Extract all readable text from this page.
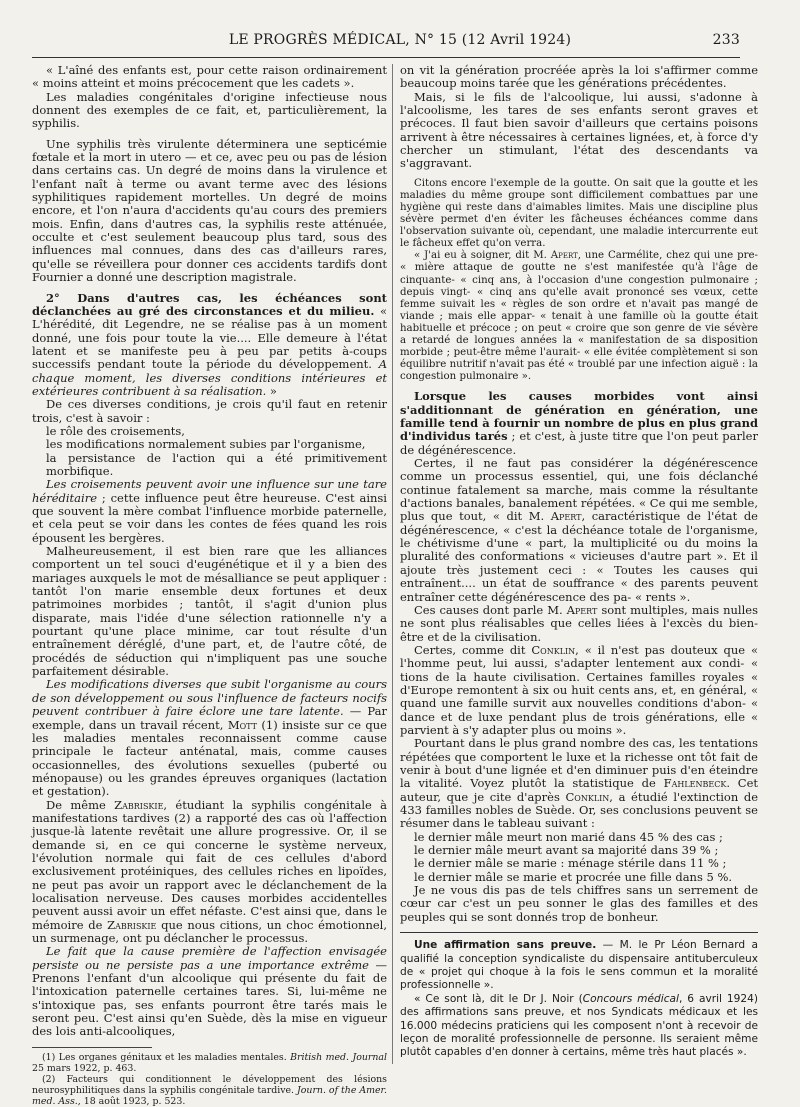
LE PROGRÈS MÉDICAL, N° 15 (12 Avril 1924)	233

« L'aîné des enfants est, pour cette raison ordinairement « moins atteint et moins précocement que les cadets ».

Les maladies congénitales d'origine infectieuse nous donnent des exemples de ce fait, et, particulièrement, la syphilis.

Une syphilis très virulente déterminera une septicémie fœtale et la mort in utero — et ce, avec peu ou pas de lésion dans certains cas. Un degré de moins dans la virulence et l'enfant naît à terme ou avant terme avec des lésions syphilitiques rapidement mortelles. Un degré de moins encore, et l'on n'aura d'accidents qu'au cours des premiers mois. Enfin, dans d'autres cas, la syphilis reste atténuée, occulte et c'est seulement beaucoup plus tard, sous des influences mal connues, dans des cas d'ailleurs rares, qu'elle se réveillera pour donner ces accidents tardifs dont Fournier a donné une description magistrale.

2° Dans d'autres cas, les échéances sont déclanchées au gré des circonstances et du milieu. « L'hérédité, dit Legendre, ne se réalise pas à un moment donné, une fois pour toute la vie.... Elle demeure à l'état latent et se manifeste peu à peu par petits à-coups successifs pendant toute la période du développement. A chaque moment, les diverses conditions intérieures et extérieures contribuent à sa réalisation. »

De ces diverses conditions, je crois qu'il faut en retenir trois, c'est à savoir :

le rôle des croisements,

les modifications normalement subies par l'organisme,

la persistance de l'action qui a été primitivement morbifique.

Les croisements peuvent avoir une influence sur une tare héréditaire ; cette influence peut être heureuse. C'est ainsi que souvent la mère combat l'influence morbide paternelle, et cela peut se voir dans les contes de fées quand les rois épousent les bergères.

Malheureusement, il est bien rare que les alliances comportent un tel souci d'eugénétique et il y a bien des mariages auxquels le mot de mésalliance se peut appliquer : tantôt l'on marie ensemble deux fortunes et deux patrimoines morbides ; tantôt, il s'agit d'union plus disparate, mais l'idée d'une sélection rationnelle n'y a pourtant qu'une place minime, car tout résulte d'un entraînement déréglé, d'une part, et, de l'autre côté, de procédés de séduction qui n'impliquent pas une souche parfaitement désirable.

Les modifications diverses que subit l'organisme au cours de son développement ou sous l'influence de facteurs nocifs peuvent contribuer à faire éclore une tare latente. — Par exemple, dans un travail récent, Mott (1) insiste sur ce que les maladies mentales reconnaissent comme cause principale le facteur anténatal, mais, comme causes occasionnelles, des évolutions sexuelles (puberté ou ménopause) ou les grandes épreuves organiques (lactation et gestation).

De même Zabriskie, étudiant la syphilis congénitale à manifestations tardives (2) a rapporté des cas où l'affection jusque-là latente revêtait une allure progressive. Or, il se demande si, en ce qui concerne le système nerveux, l'évolution normale qui fait de ces cellules d'abord exclusivement protéiniques, des cellules riches en lipoïdes, ne peut pas avoir un rapport avec le déclanchement de la localisation nerveuse. Des causes morbides accidentelles peuvent aussi avoir un effet néfaste. C'est ainsi que, dans le mémoire de Zabriskie que nous citions, un choc émotionnel, un surmenage, ont pu déclancher le processus.

Le fait que la cause première de l'affection envisagée persiste ou ne persiste pas a une importance extrême — Prenons l'enfant d'un alcoolique qui présente du fait de l'intoxication paternelle certaines tares. Si, lui-même ne s'intoxique pas, ses enfants pourront être tarés mais le seront peu. C'est ainsi qu'en Suède, dès la mise en vigueur des lois anti-alcooliques,

(1) Les organes génitaux et les maladies mentales. British med. Journal 25 mars 1922, p. 463.

(2) Facteurs qui conditionnent le développement des lésions neurosyphilitiques dans la syphilis congénitale tardive. Journ. of the Amer. med. Ass., 18 août 1923, p. 523.

on vit la génération procréée après la loi s'affirmer comme beaucoup moins tarée que les générations précédentes.

Mais, si le fils de l'alcoolique, lui aussi, s'adonne à l'alcoolisme, les tares de ses enfants seront graves et précoces. Il faut bien savoir d'ailleurs que certains poisons arrivent à être nécessaires à certaines lignées, et, à force d'y chercher un stimulant, l'état des descendants va s'aggravant.

Citons encore l'exemple de la goutte. On sait que la goutte et les maladies du même groupe sont difficilement combattues par une hygiène qui reste dans d'aimables limites. Mais une discipline plus sévère permet d'en éviter les fâcheuses échéances comme dans l'observation suivante où, cependant, une maladie intercurrente eut le fâcheux effet qu'on verra.

« J'ai eu à soigner, dit M. Apert, une Carmélite, chez qui une pre- « mière attaque de goutte ne s'est manifestée qu'à l'âge de cinquante- « cinq ans, à l'occasion d'une congestion pulmonaire ; depuis vingt- « cinq ans qu'elle avait prononcé ses vœux, cette femme suivait les « règles de son ordre et n'avait pas mangé de viande ; mais elle appar- « tenait à une famille où la goutte était habituelle et précoce ; on peut « croire que son genre de vie sévère a retardé de longues années la « manifestation de sa disposition morbide ; peut-être même l'aurait- « elle évitée complètement si son équilibre nutritif n'avait pas été « troublé par une infection aiguë : la congestion pulmonaire ».

Lorsque les causes morbides vont ainsi s'additionnant de génération en génération, une famille tend à fournir un nombre de plus en plus grand d'individus tarés ; et c'est, à juste titre que l'on peut parler de dégénérescence.

Certes, il ne faut pas considérer la dégénérescence comme un processus essentiel, qui, une fois déclanché continue fatalement sa marche, mais comme la résultante d'actions banales, banalement répétées. « Ce qui me semble, plus que tout, « dit M. Apert, caractéristique de l'état de dégénérescence, « c'est la déchéance totale de l'organisme, le chétivisme d'une « part, la multiplicité ou du moins la pluralité des conformations « vicieuses d'autre part ». Et il ajoute très justement ceci : « Toutes les causes qui entraînent.... un état de souffrance « des parents peuvent entraîner cette dégénérescence des pa- « rents ».

Ces causes dont parle M. Apert sont multiples, mais nulles ne sont plus réalisables que celles liées à l'excès du bien-être et de la civilisation.

Certes, comme dit Conklin, « il n'est pas douteux que « l'homme peut, lui aussi, s'adapter lentement aux condi- « tions de la haute civilisation. Certaines familles royales « d'Europe remontent à six ou huit cents ans, et, en général, « quand une famille survit aux nouvelles conditions d'abon- « dance et de luxe pendant plus de trois générations, elle « parvient à s'y adapter plus ou moins ».

Pourtant dans le plus grand nombre des cas, les tentations répétées que comportent le luxe et la richesse ont tôt fait de venir à bout d'une lignée et d'en diminuer puis d'en éteindre la vitalité. Voyez plutôt la statistique de Fahlenbeck. Cet auteur, que je cite d'après Conklin, a étudié l'extinction de 433 familles nobles de Suède. Or, ses conclusions peuvent se résumer dans le tableau suivant :

le dernier mâle meurt non marié dans 45 % des cas ;

le dernier mâle meurt avant sa majorité dans 39 % ;

le dernier mâle se marie : ménage stérile dans 11 % ;

le dernier mâle se marie et procrée une fille dans 5 %.

Je ne vous dis pas de tels chiffres sans un serrement de cœur car c'est un peu sonner le glas des familles et des peuples qui se sont donnés trop de bonheur.

Une affirmation sans preuve. — M. le Pr Léon Bernard a qualifié la conception syndicaliste du dispensaire antituberculeux de « projet qui choque à la fois le sens commun et la moralité professionnelle ».

« Ce sont là, dit le Dr J. Noir (Concours médical, 6 avril 1924) des affirmations sans preuve, et nos Syndicats médicaux et les 16.000 médecins praticiens qui les composent n'ont à recevoir de leçon de moralité professionnelle de personne. Ils seraient même plutôt capables d'en donner à certains, même très haut placés ».
